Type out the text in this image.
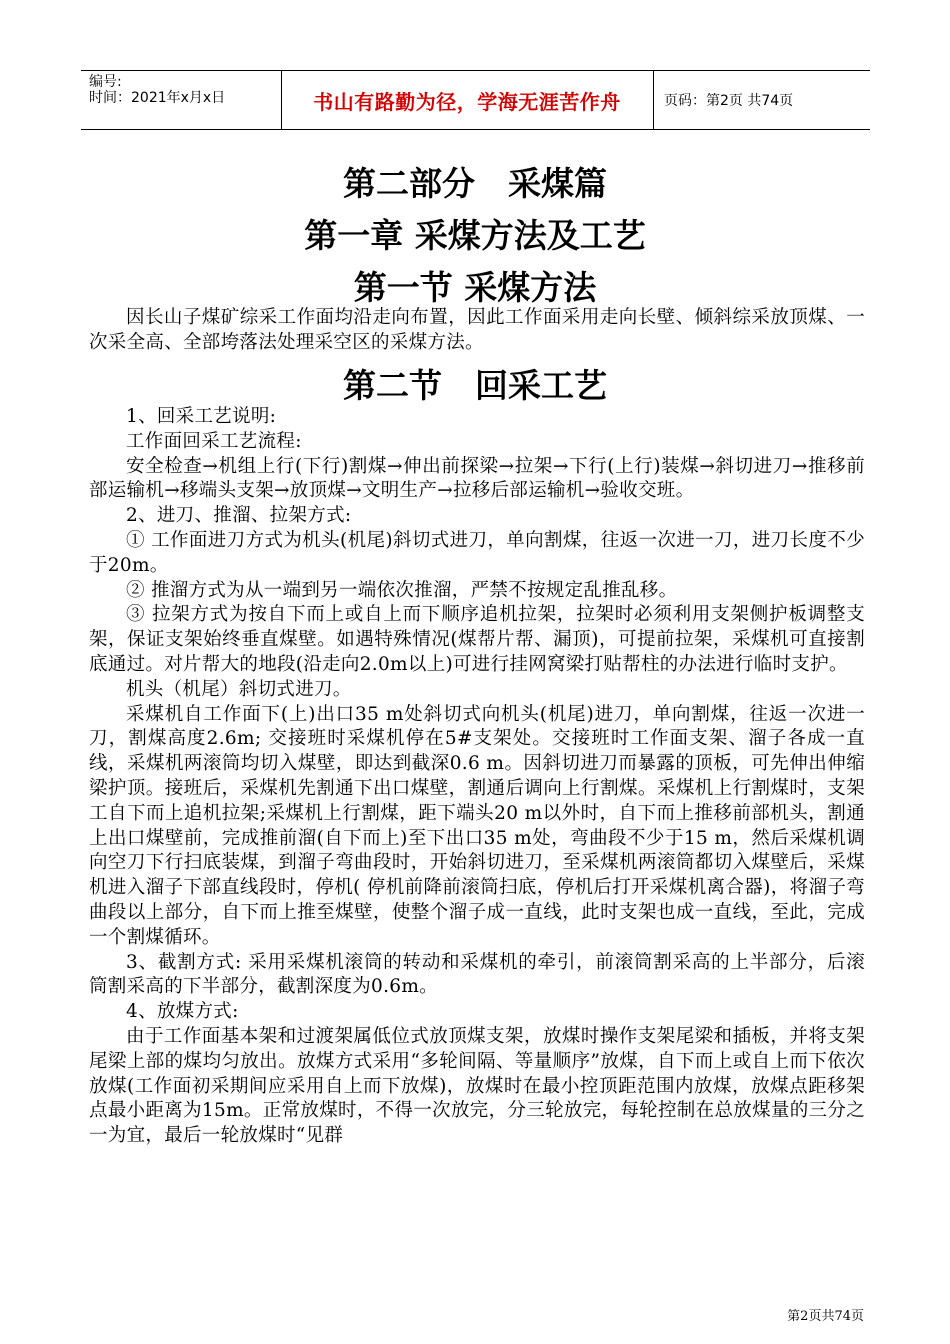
编号:
时间：2021年x月x日	书山有路勤为径，学海无涯苦作舟	页码：第2页 共74页
第二部分　采煤篇
第一章 采煤方法及工艺
第一节 采煤方法

因长山子煤矿综采工作面均沿走向布置，因此工作面采用走向长壁、倾斜综采放顶煤、一次采全高、全部垮落法处理采空区的采煤方法。

第二节　回采工艺

1、回采工艺说明:

工作面回采工艺流程:

安全检查→机组上行(下行)割煤→伸出前探梁→拉架→下行(上行)装煤→斜切进刀→推移前部运输机→移端头支架→放顶煤→文明生产→拉移后部运输机→验收交班。

2、进刀、推溜、拉架方式:

① 工作面进刀方式为机头(机尾)斜切式进刀，单向割煤，往返一次进一刀，进刀长度不少于20m。

② 推溜方式为从一端到另一端依次推溜，严禁不按规定乱推乱移。

③ 拉架方式为按自下而上或自上而下顺序追机拉架，拉架时必须利用支架侧护板调整支架，保证支架始终垂直煤壁。如遇特殊情况(煤帮片帮、漏顶)，可提前拉架，采煤机可直接割底通过。对片帮大的地段(沿走向2.0m以上)可进行挂网窝梁打贴帮柱的办法进行临时支护。

机头（机尾）斜切式进刀。

采煤机自工作面下(上)出口35 m处斜切式向机头(机尾)进刀，单向割煤，往返一次进一刀，割煤高度2.6m; 交接班时采煤机停在5#支架处。交接班时工作面支架、溜子各成一直线，采煤机两滚筒均切入煤壁，即达到截深0.6 m。因斜切进刀而暴露的顶板，可先伸出伸缩梁护顶。接班后，采煤机先割通下出口煤壁，割通后调向上行割煤。采煤机上行割煤时，支架工自下而上追机拉架;采煤机上行割煤，距下端头20 m以外时，自下而上推移前部机头，割通上出口煤壁前，完成推前溜(自下而上)至下出口35 m处，弯曲段不少于15 m，然后采煤机调向空刀下行扫底装煤，到溜子弯曲段时，开始斜切进刀，至采煤机两滚筒都切入煤壁后，采煤机进入溜子下部直线段时，停机( 停机前降前滚筒扫底，停机后打开采煤机离合器)，将溜子弯曲段以上部分，自下而上推至煤壁，使整个溜子成一直线，此时支架也成一直线，至此，完成一个割煤循环。

3、截割方式: 采用采煤机滚筒的转动和采煤机的牵引，前滚筒割采高的上半部分，后滚筒割采高的下半部分，截割深度为0.6m。

4、放煤方式:

由于工作面基本架和过渡架属低位式放顶煤支架，放煤时操作支架尾梁和插板，并将支架尾梁上部的煤均匀放出。放煤方式采用“多轮间隔、等量顺序”放煤，自下而上或自上而下依次放煤(工作面初采期间应采用自上而下放煤)，放煤时在最小控顶距范围内放煤，放煤点距移架点最小距离为15m。正常放煤时，不得一次放完，分三轮放完，每轮控制在总放煤量的三分之一为宜，最后一轮放煤时“见群

第2页共74页
